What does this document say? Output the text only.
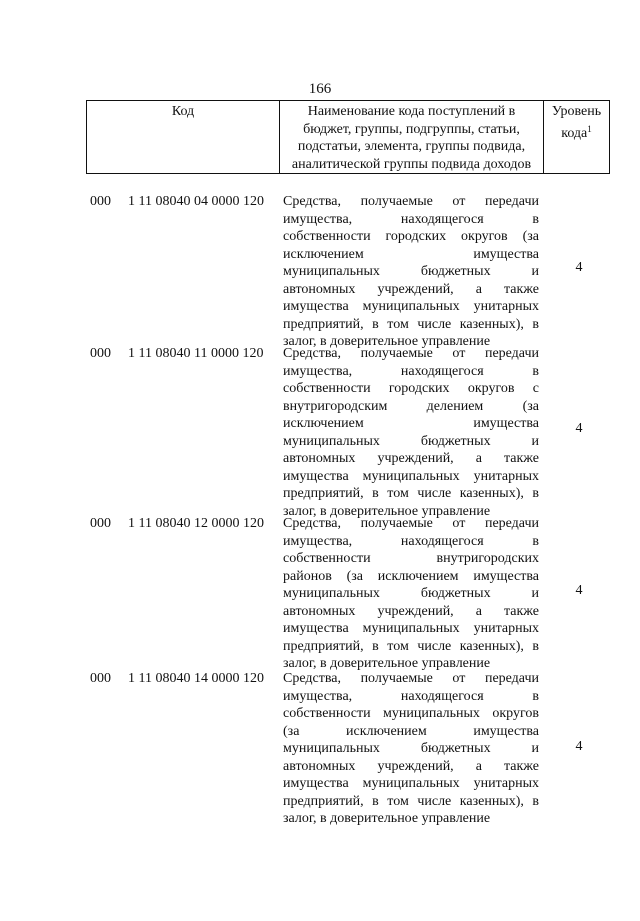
166
Код	Наименование кода поступлений в
бюджет, группы, подгруппы, статьи,
подстатьи, элемента, группы подвида,
аналитической группы подвида доходов
Уровень
кода$^1$
000 1 11 08040 04 0000 120 Средства, получаемые от передачи
имущества, находящегося в
собственности городских округов (за
исключением имущества
муниципальных бюджетных и
автономных учреждений, а также
имущества муниципальных унитарных
предприятий, в том числе казенных), в
залог, в доверительное управление
4
000 1 11 08040 11 0000 120 Средства, получаемые от передачи
имущества, находящегося в
собственности городских округов с
внутригородским делением (за
исключением имущества
муниципальных бюджетных и
автономных учреждений, а также
имущества муниципальных унитарных
предприятий, в том числе казенных), в
залог, в доверительное управление
4
000 1 11 08040 12 0000 120 Средства, получаемые от передачи
имущества, находящегося в
собственности внутригородских
районов (за исключением имущества
муниципальных бюджетных и
автономных учреждений, а также
имущества муниципальных унитарных
предприятий, в том числе казенных), в
залог, в доверительное управление
4
000 1 11 08040 14 0000 120 Средства, получаемые от передачи
имущества, находящегося в
собственности муниципальных округов
(за исключением имущества
муниципальных бюджетных и
автономных учреждений, а также
имущества муниципальных унитарных
предприятий, в том числе казенных), в
залог, в доверительное управление
4
